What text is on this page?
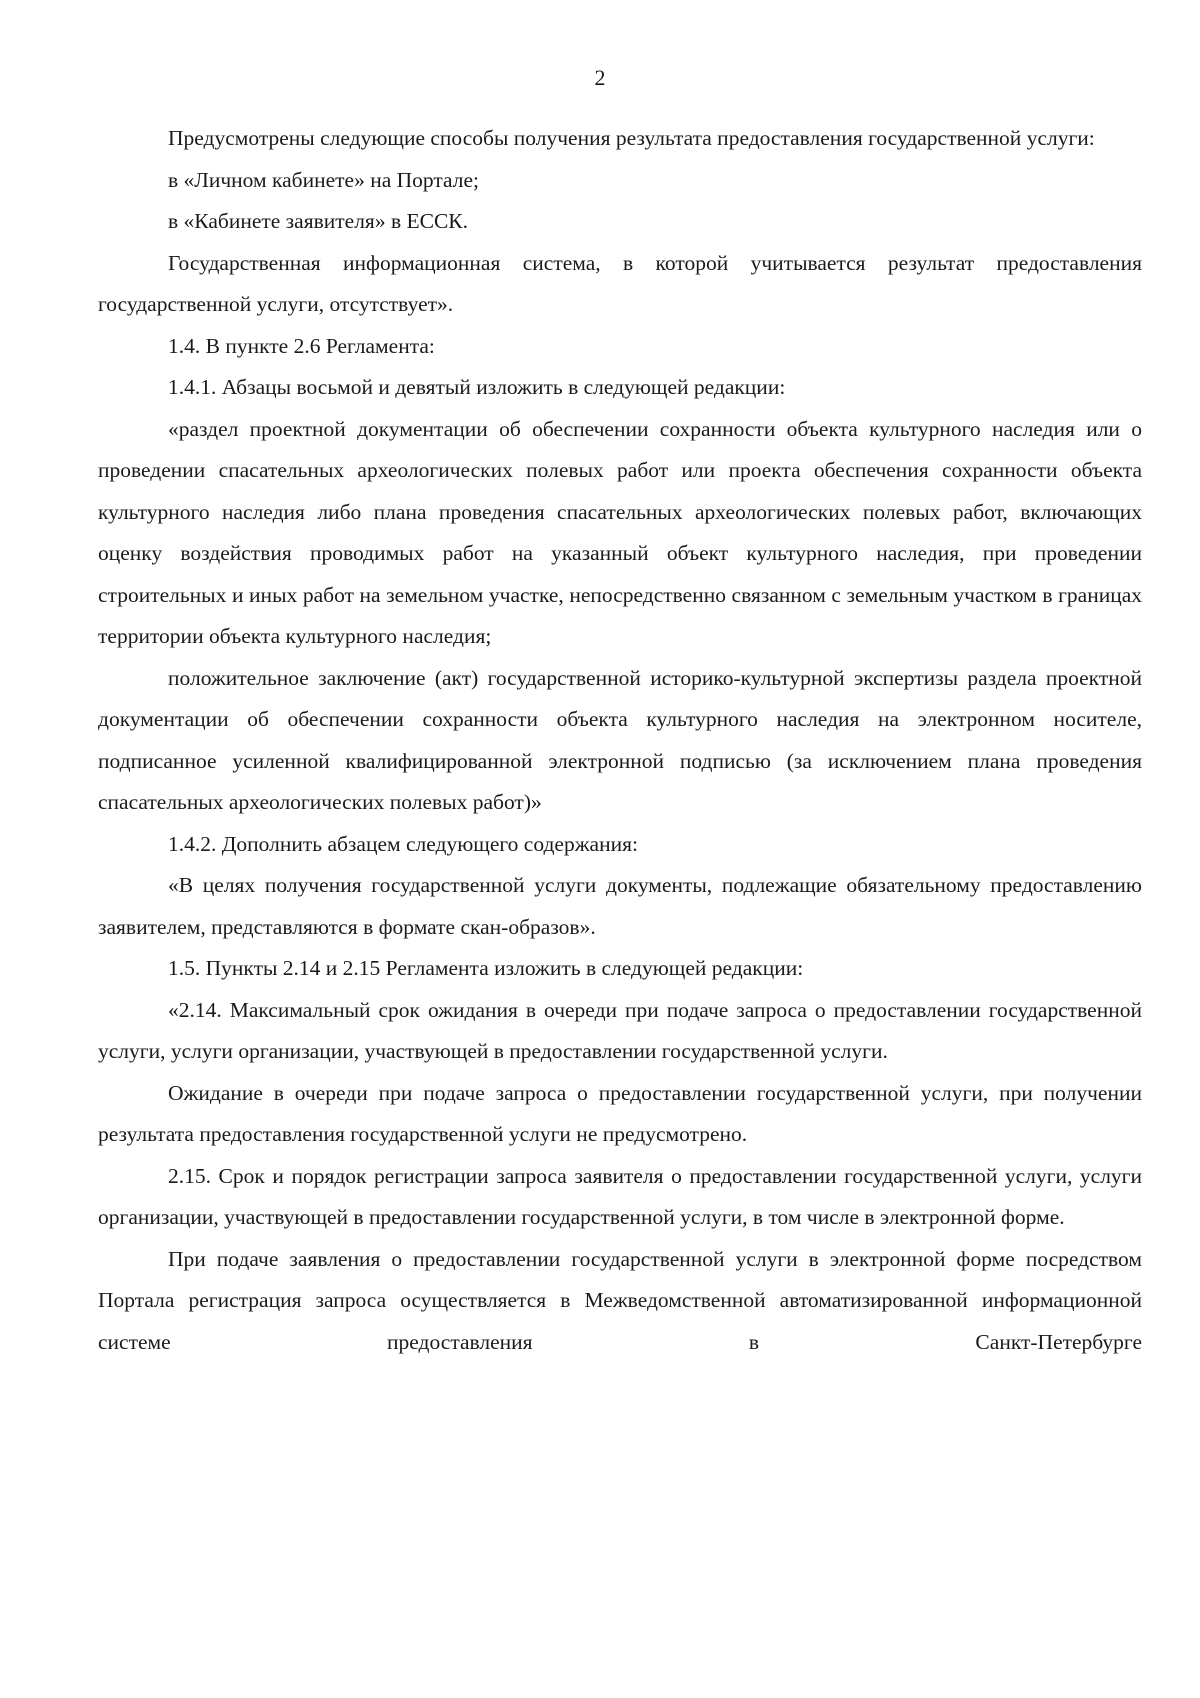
2

Предусмотрены следующие способы получения результата предоставления государственной услуги:

в «Личном кабинете» на Портале;

в «Кабинете заявителя» в ЕССК.

Государственная информационная система, в которой учитывается результат предоставления государственной услуги, отсутствует».

1.4. В пункте 2.6 Регламента:

1.4.1. Абзацы восьмой и девятый изложить в следующей редакции:

«раздел проектной документации об обеспечении сохранности объекта культурного наследия или о проведении спасательных археологических полевых работ или проекта обеспечения сохранности объекта культурного наследия либо плана проведения спасательных археологических полевых работ, включающих оценку воздействия проводимых работ на указанный объект культурного наследия, при проведении строительных и иных работ на земельном участке, непосредственно связанном с земельным участком в границах территории объекта культурного наследия;

положительное заключение (акт) государственной историко-культурной экспертизы раздела проектной документации об обеспечении сохранности объекта культурного наследия на электронном носителе, подписанное усиленной квалифицированной электронной подписью (за исключением плана проведения спасательных археологических полевых работ)»

1.4.2. Дополнить абзацем следующего содержания:

«В целях получения государственной услуги документы, подлежащие обязательному предоставлению заявителем, представляются в формате скан-образов».

1.5. Пункты 2.14 и 2.15 Регламента изложить в следующей редакции:

«2.14. Максимальный срок ожидания в очереди при подаче запроса о предоставлении государственной услуги, услуги организации, участвующей в предоставлении государственной услуги.

Ожидание в очереди при подаче запроса о предоставлении государственной услуги, при получении результата предоставления государственной услуги не предусмотрено.

2.15. Срок и порядок регистрации запроса заявителя о предоставлении государственной услуги, услуги организации, участвующей в предоставлении государственной услуги, в том числе в электронной форме.

При подаче заявления о предоставлении государственной услуги в электронной форме посредством Портала регистрация запроса осуществляется в Межведомственной автоматизированной информационной системе предоставления в Санкт-Петербурге
